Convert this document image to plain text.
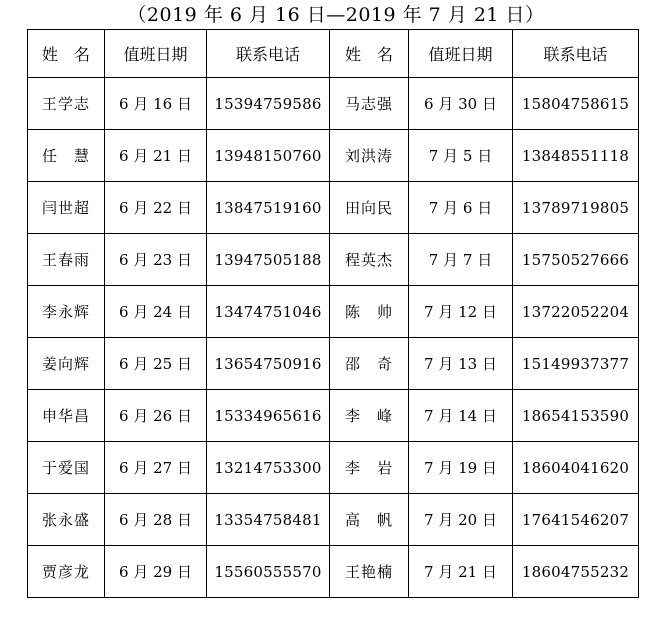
（2019 年 6 月 16 日—2019 年 7 月 21 日）
姓　名	值班日期	联系电话	姓　名	值班日期	联系电话
王学志	6 月 16 日	15394759586	马志强	6 月 30 日	15804758615
任　慧	6 月 21 日	13948150760	刘洪涛	7 月 5 日	13848551118
闫世超	6 月 22 日	13847519160	田向民	7 月 6 日	13789719805
王春雨	6 月 23 日	13947505188	程英杰	7 月 7 日	15750527666
李永辉	6 月 24 日	13474751046	陈　帅	7 月 12 日	13722052204
姜向辉	6 月 25 日	13654750916	邵　奇	7 月 13 日	15149937377
申华昌	6 月 26 日	15334965616	李　峰	7 月 14 日	18654153590
于爱国	6 月 27 日	13214753300	李　岩	7 月 19 日	18604041620
张永盛	6 月 28 日	13354758481	高　帆	7 月 20 日	17641546207
贾彦龙	6 月 29 日	15560555570	王艳楠	7 月 21 日	18604755232
